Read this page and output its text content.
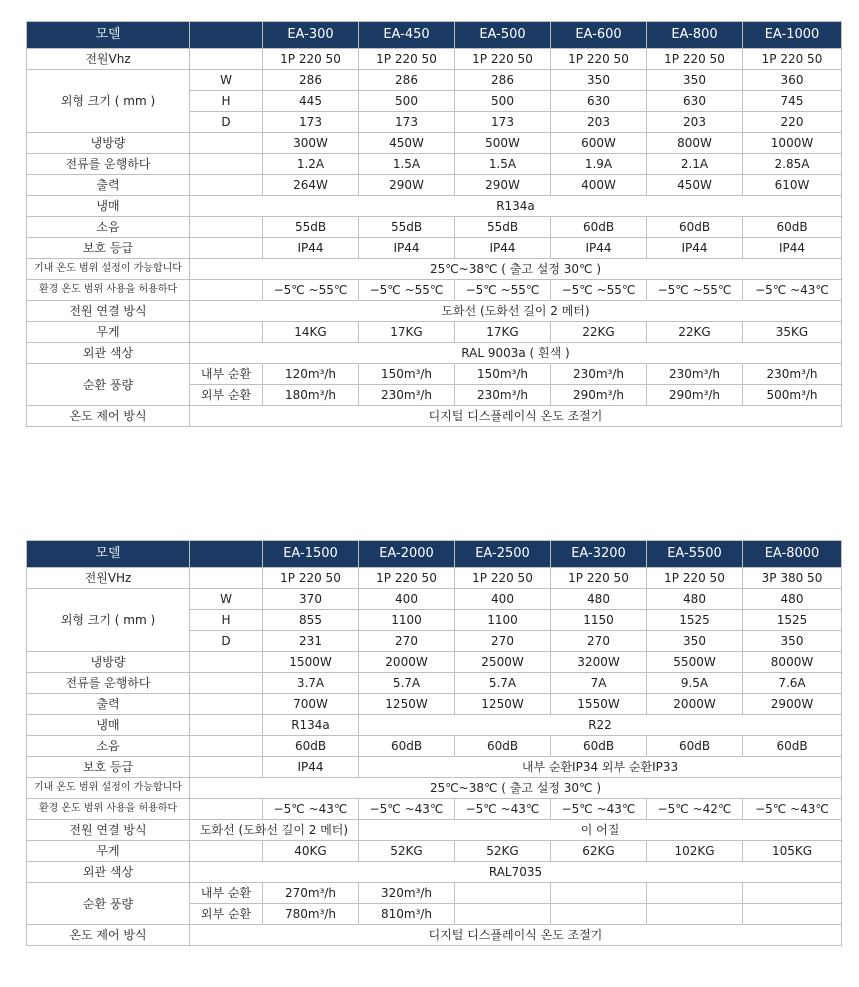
모델		EA-300	EA-450	EA-500	EA-600	EA-800	EA-1000
전원Vhz		1P 220 50	1P 220 50	1P 220 50	1P 220 50	1P 220 50	1P 220 50
외형 크기 ( mm )	W	286	286	286	350	350	360
	H	445	500	500	630	630	745
	D	173	173	173	203	203	220
냉방량		300W	450W	500W	600W	800W	1000W
전류를 운행하다		1.2A	1.5A	1.5A	1.9A	2.1A	2.85A
출력		264W	290W	290W	400W	450W	610W
냉매	R134a						
소음		55dB	55dB	55dB	60dB	60dB	60dB
보호 등급		IP44	IP44	IP44	IP44	IP44	IP44
기내 온도 범위 설정이 가능합니다	25℃~38℃ ( 출고 설정 30℃ )						
환경 온도 범위 사용을 허용하다		−5℃ ~55℃	−5℃ ~55℃	−5℃ ~55℃	−5℃ ~55℃	−5℃ ~55℃	−5℃ ~43℃
전원 연결 방식	도화선 (도화선 길이 2 메터)						
무게		14KG	17KG	17KG	22KG	22KG	35KG
외관 색상	RAL 9003a ( 흰색 )						
순환 풍량	내부 순환	120m³/h	150m³/h	150m³/h	230m³/h	230m³/h	230m³/h
	외부 순환	180m³/h	230m³/h	230m³/h	290m³/h	290m³/h	500m³/h
온도 제어 방식	디지털 디스플레이식 온도 조절기						
모델		EA-1500	EA-2000	EA-2500	EA-3200	EA-5500	EA-8000
전원VHz		1P 220 50	1P 220 50	1P 220 50	1P 220 50	1P 220 50	3P 380 50
외형 크기 ( mm )	W	370	400	400	480	480	480
	H	855	1100	1100	1150	1525	1525
	D	231	270	270	270	350	350
냉방량		1500W	2000W	2500W	3200W	5500W	8000W
전류를 운행하다		3.7A	5.7A	5.7A	7A	9.5A	7.6A
출력		700W	1250W	1250W	1550W	2000W	2900W
냉매		R134a	R22				
소음		60dB	60dB	60dB	60dB	60dB	60dB
보호 등급		IP44	내부 순환IP34 외부 순환IP33				
기내 온도 범위 설정이 가능합니다	25℃~38℃ ( 출고 설정 30℃ )						
환경 온도 범위 사용을 허용하다		−5℃ ~43℃	−5℃ ~43℃	−5℃ ~43℃	−5℃ ~43℃	−5℃ ~42℃	−5℃ ~43℃
전원 연결 방식	도화선 (도화선 길이 2 메터)		이 어질				
무게		40KG	52KG	52KG	62KG	102KG	105KG
외관 색상	RAL7035						
순환 풍량	내부 순환	270m³/h	320m³/h				
	외부 순환	780m³/h	810m³/h				
온도 제어 방식	디지털 디스플레이식 온도 조절기						
